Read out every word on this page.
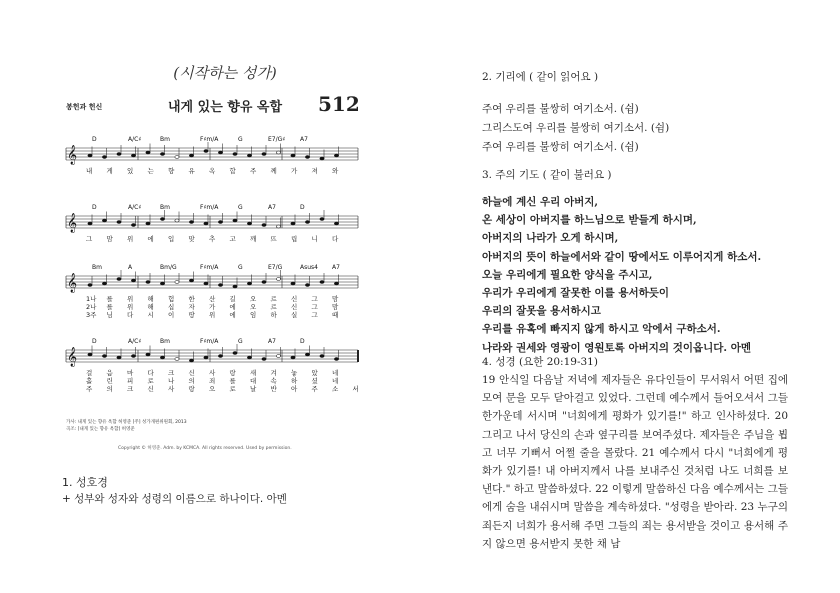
(시작하는 성가)
봉헌과 헌신	내게 있는 향유 옥합 512
𝄞
D	A/C♯	Bm	F♯m/A	G	E7/G♯ A7
내 게 있 는 향 유 옥 합 주 께 가 져 와
𝄞
D	A/C♯	Bm	F♯m/A	G	A7	D
그 맘 위 에 입 맞 추 고 깨 뜨 립 니 다
𝄞
Bm	A	Bm/G	F♯m/A	G	E7/G	Asus4 A7
1나 를 위 해 험 한 산 길 오 르 신 그 맘
2나 를 위 해 십 자 가 에 오 르 신 그 맘
3주 님 다 시 이 땅 위 에 임 하 실 그 때
𝄞
D	A/C♯	Bm	F♯m/A	G	A7	D
걸 음 마 다 크 신 사 랑 새 겨 놓 았 네
홀 린 피 로 나 의 죄 를 대 속 하 셨 네
주 의 크 신 사 랑 으 로 날 반 아 주 소 서
가사: 내게 있는 향유 옥합 허영준 [주] 성가개편위원회, 2013
곡조: [내게 있는 향유 옥합] 허영준
Copyright © 허영준. Adm. by KCMCA. All rights reserved. Used by permission.
1. 성호경
+ 성부와 성자와 성령의 이름으로 하나이다. 아멘
2. 기리에 ( 같이 읽어요 )

주여 우리를 불쌍히 여기소서. (쉼)

그리스도여 우리를 불쌍히 여기소서. (쉼)

주여 우리를 불쌍히 여기소서. (쉼)

3. 주의 기도 ( 같이 불러요 )

하늘에 계신 우리 아버지,

온 세상이 아버지를 하느님으로 받들게 하시며,

아버지의 나라가 오게 하시며,

아버지의 뜻이 하늘에서와 같이 땅에서도 이루어지게 하소서.

오늘 우리에게 필요한 양식을 주시고,

우리가 우리에게 잘못한 이를 용서하듯이

우리의 잘못을 용서하시고

우리를 유혹에 빠지지 않게 하시고 악에서 구하소서.

나라와 권세와 영광이 영원토록 아버지의 것이옵니다. 아멘

4. 성경 (요한 20:19-31)
19 안식일 다음날 저녁에 제자들은 유다인들이 무서워서 어떤 집에 모여 문을 모두 닫아걸고 있었다. 그런데 예수께서 들어오셔서 그들 한가운데 서시며 "너희에게 평화가 있기를!" 하고 인사하셨다. 20 그리고 나서 당신의 손과 옆구리를 보여주셨다. 제자들은 주님을 뵙고 너무 기뻐서 어쩔 줄을 몰랐다. 21 예수께서 다시 "너희에게 평화가 있기를! 내 아버지께서 나를 보내주신 것처럼 나도 너희를 보낸다." 하고 말씀하셨다. 22 이렇게 말씀하신 다음 예수께서는 그들에게 숨을 내쉬시며 말씀을 계속하셨다. "성령을 받아라. 23 누구의 죄든지 너희가 용서해 주면 그들의 죄는 용서받을 것이고 용서해 주지 않으면 용서받지 못한 채 남
